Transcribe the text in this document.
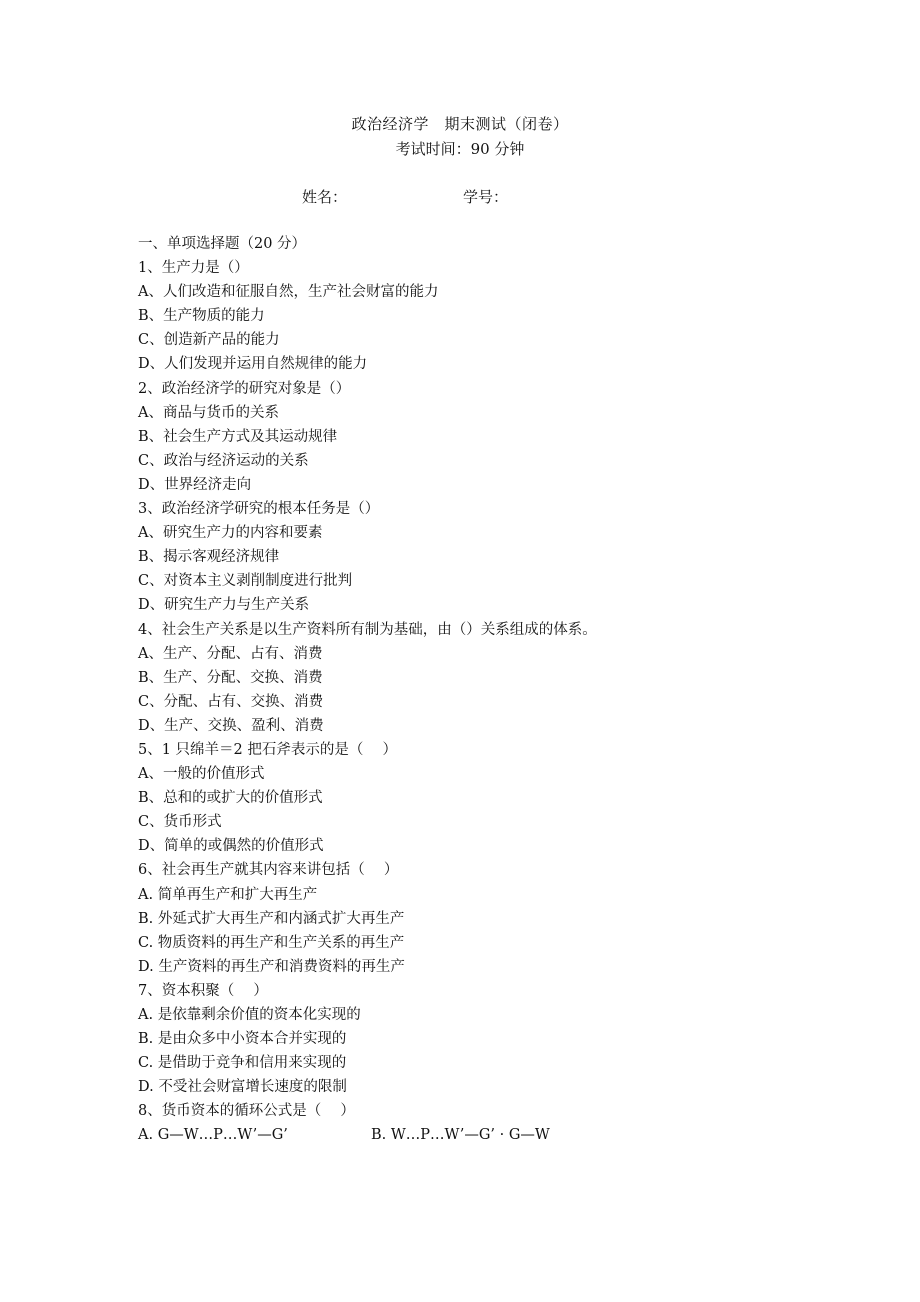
政治经济学　期末测试（闭卷）
考试时间：90 分钟
姓名：	学号：
一、单项选择题（20 分）
1、生产力是（）
A、人们改造和征服自然，生产社会财富的能力
B、生产物质的能力
C、创造新产品的能力
D、人们发现并运用自然规律的能力
2、政治经济学的研究对象是（）
A、商品与货币的关系
B、社会生产方式及其运动规律
C、政治与经济运动的关系
D、世界经济走向
3、政治经济学研究的根本任务是（）
A、研究生产力的内容和要素
B、揭示客观经济规律
C、对资本主义剥削制度进行批判
D、研究生产力与生产关系
4、社会生产关系是以生产资料所有制为基础，由（）关系组成的体系。
A、生产、分配、占有、消费
B、生产、分配、交换、消费
C、分配、占有、交换、消费
D、生产、交换、盈利、消费
5、1 只绵羊＝2 把石斧表示的是（　 ）
A、一般的价值形式
B、总和的或扩大的价值形式
C、货币形式
D、简单的或偶然的价值形式
6、社会再生产就其内容来讲包括（　 ）
A. 简单再生产和扩大再生产
B. 外延式扩大再生产和内涵式扩大再生产
C. 物质资料的再生产和生产关系的再生产
D. 生产资料的再生产和消费资料的再生产
7、资本积聚（　 ）
A. 是依靠剩余价值的资本化实现的
B. 是由众多中小资本合并实现的
C. 是借助于竞争和信用来实现的
D. 不受社会财富增长速度的限制
8、货币资本的循环公式是（　 ）
A. G—W…P…W’—G’	B. W…P…W’—G’ · G—W
